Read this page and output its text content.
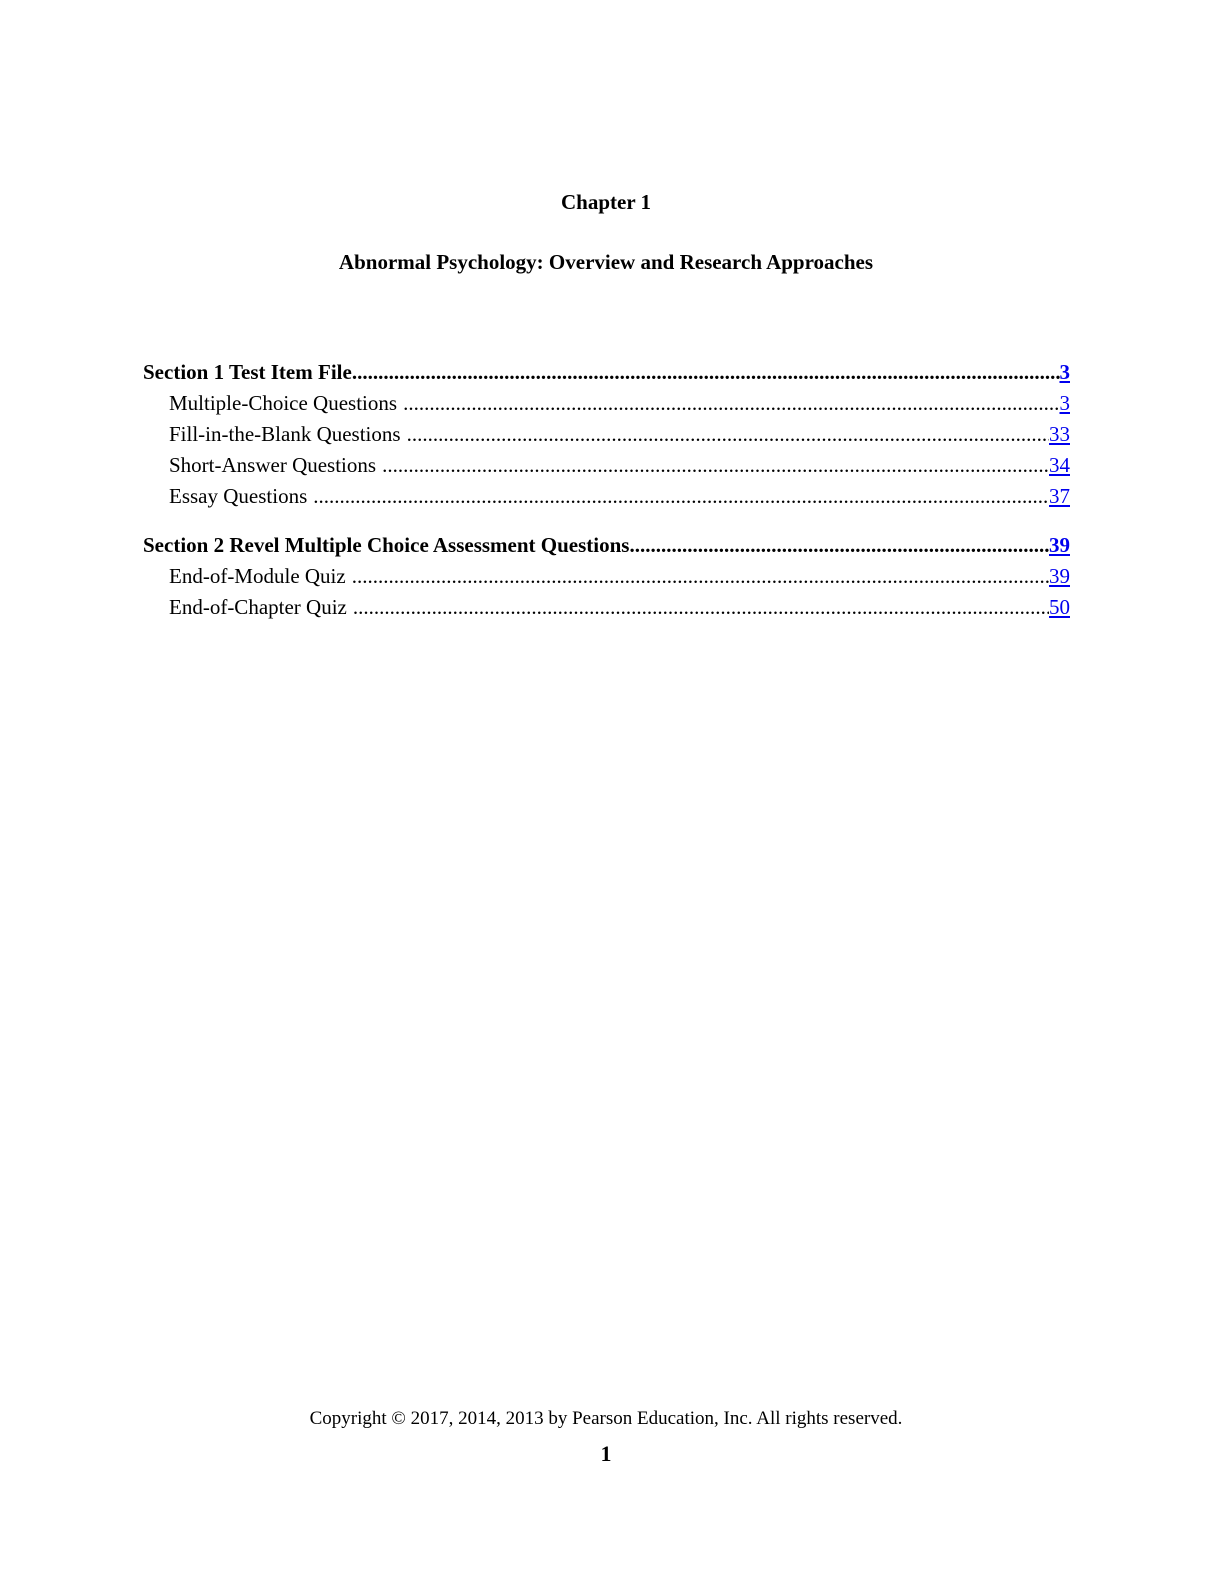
Chapter 1
Abnormal Psychology: Overview and Research Approaches
Section 1 Test Item File .....	3
Multiple-Choice Questions .....	3
Fill-in-the-Blank Questions .....	33
Short-Answer Questions .....	34
Essay Questions .....	37
Section 2 Revel Multiple Choice Assessment Questions .....	39
End-of-Module Quiz .....	39
End-of-Chapter Quiz .....	50
Copyright © 2017, 2014, 2013 by Pearson Education, Inc. All rights reserved.
1
